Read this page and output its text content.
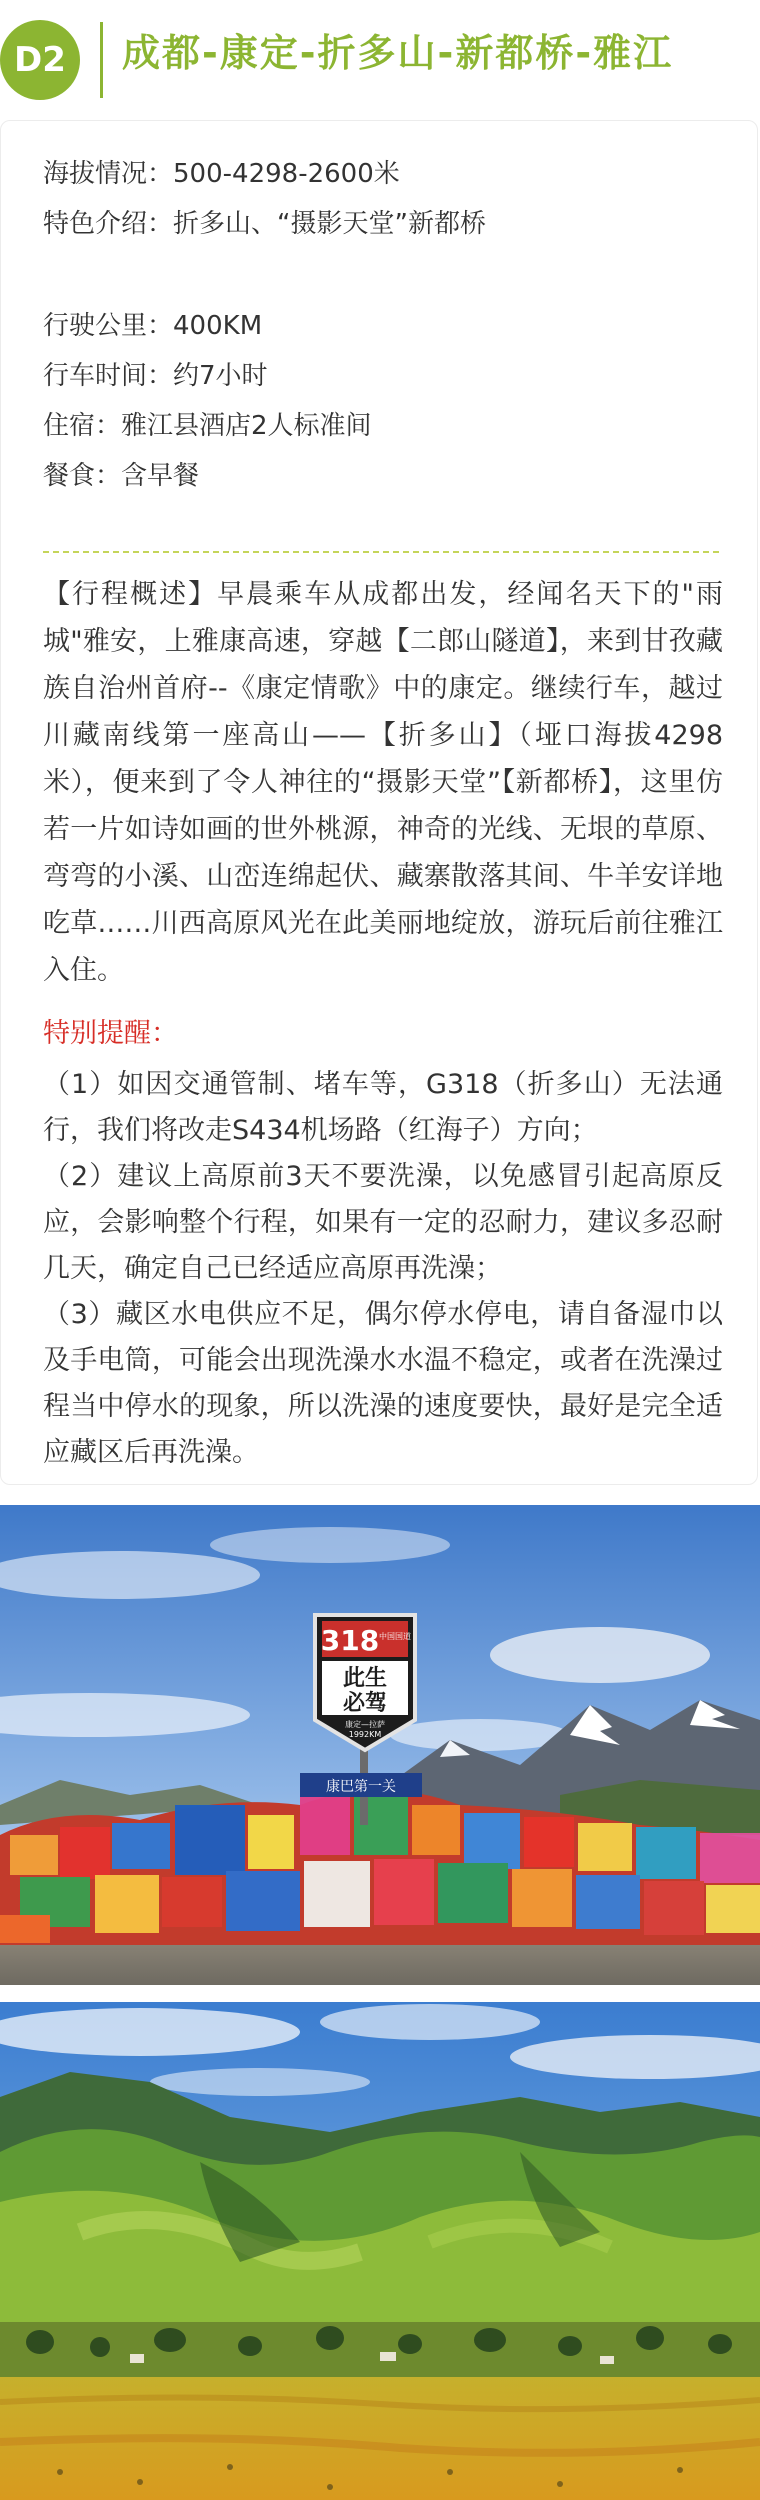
D2	成都-康定-折多山-新都桥-雅江
海拔情况：500-4298-2600米
特色介绍：折多山、“摄影天堂”新都桥
行驶公里：400KM
行车时间：约7小时
住宿：雅江县酒店2人标准间
餐食：含早餐

【行程概述】早晨乘车从成都出发，经闻名天下的"雨城"雅安，上雅康高速，穿越【二郎山隧道】，来到甘孜藏族自治州首府--《康定情歌》中的康定。继续行车，越过川藏南线第一座高山——【折多山】（垭口海拔4298米），便来到了令人神往的“摄影天堂”【新都桥】，这里仿若一片如诗如画的世外桃源，神奇的光线、无垠的草原、弯弯的小溪、山峦连绵起伏、藏寨散落其间、牛羊安详地吃草……川西高原风光在此美丽地绽放，游玩后前往雅江入住。

特别提醒：

（1）如因交通管制、堵车等，G318（折多山）无法通行，我们将改走S434机场路（红海子）方向；

（2）建议上高原前3天不要洗澡，以免感冒引起高原反应，会影响整个行程，如果有一定的忍耐力，建议多忍耐几天，确定自己已经适应高原再洗澡；

（3）藏区水电供应不足，偶尔停水停电，请自备湿巾以及手电筒，可能会出现洗澡水水温不稳定，或者在洗澡过程当中停水的现象，所以洗澡的速度要快，最好是完全适应藏区后再洗澡。

318 中国国道
此生
必驾
康定—拉萨
1992KM
康巴第一关
